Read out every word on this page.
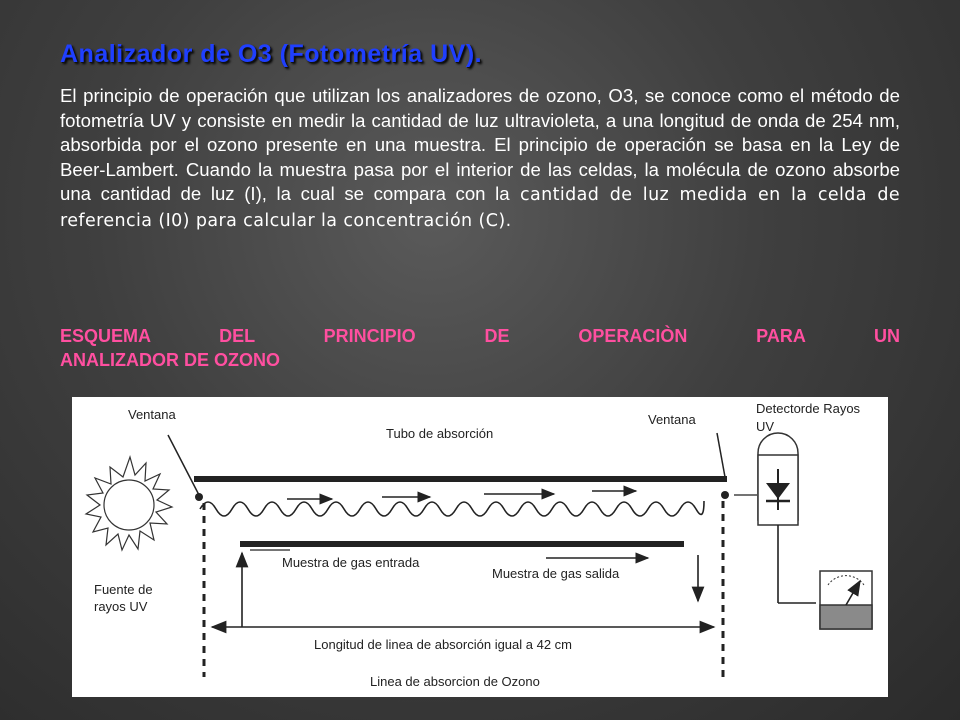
Analizador de O3 (Fotometría UV).

El principio de operación que utilizan los analizadores de ozono, O3, se conoce como el método de fotometría UV y consiste en medir la cantidad de luz ultravioleta, a una longitud de onda de 254 nm, absorbida por el ozono presente en una muestra. El principio de operación se basa en la Ley de Beer-Lambert. Cuando la muestra pasa por el interior de las celdas, la molécula de ozono absorbe una cantidad de luz (I), la cual se compara con la cantidad de luz medida en la celda de referencia (I0) para calcular la concentración (C).

ESQUEMA DEL PRINCIPIO DE OPERACIÒN PARA UN
ANALIZADOR DE OZONO

Ventana	Ventana
Tubo de absorción
Detectorde Rayos
UV
Fuente de
rayos UV
Muestra de gas entrada
Muestra de gas salida
Longitud de linea de absorción igual a 42 cm
Linea de absorcion de Ozono
